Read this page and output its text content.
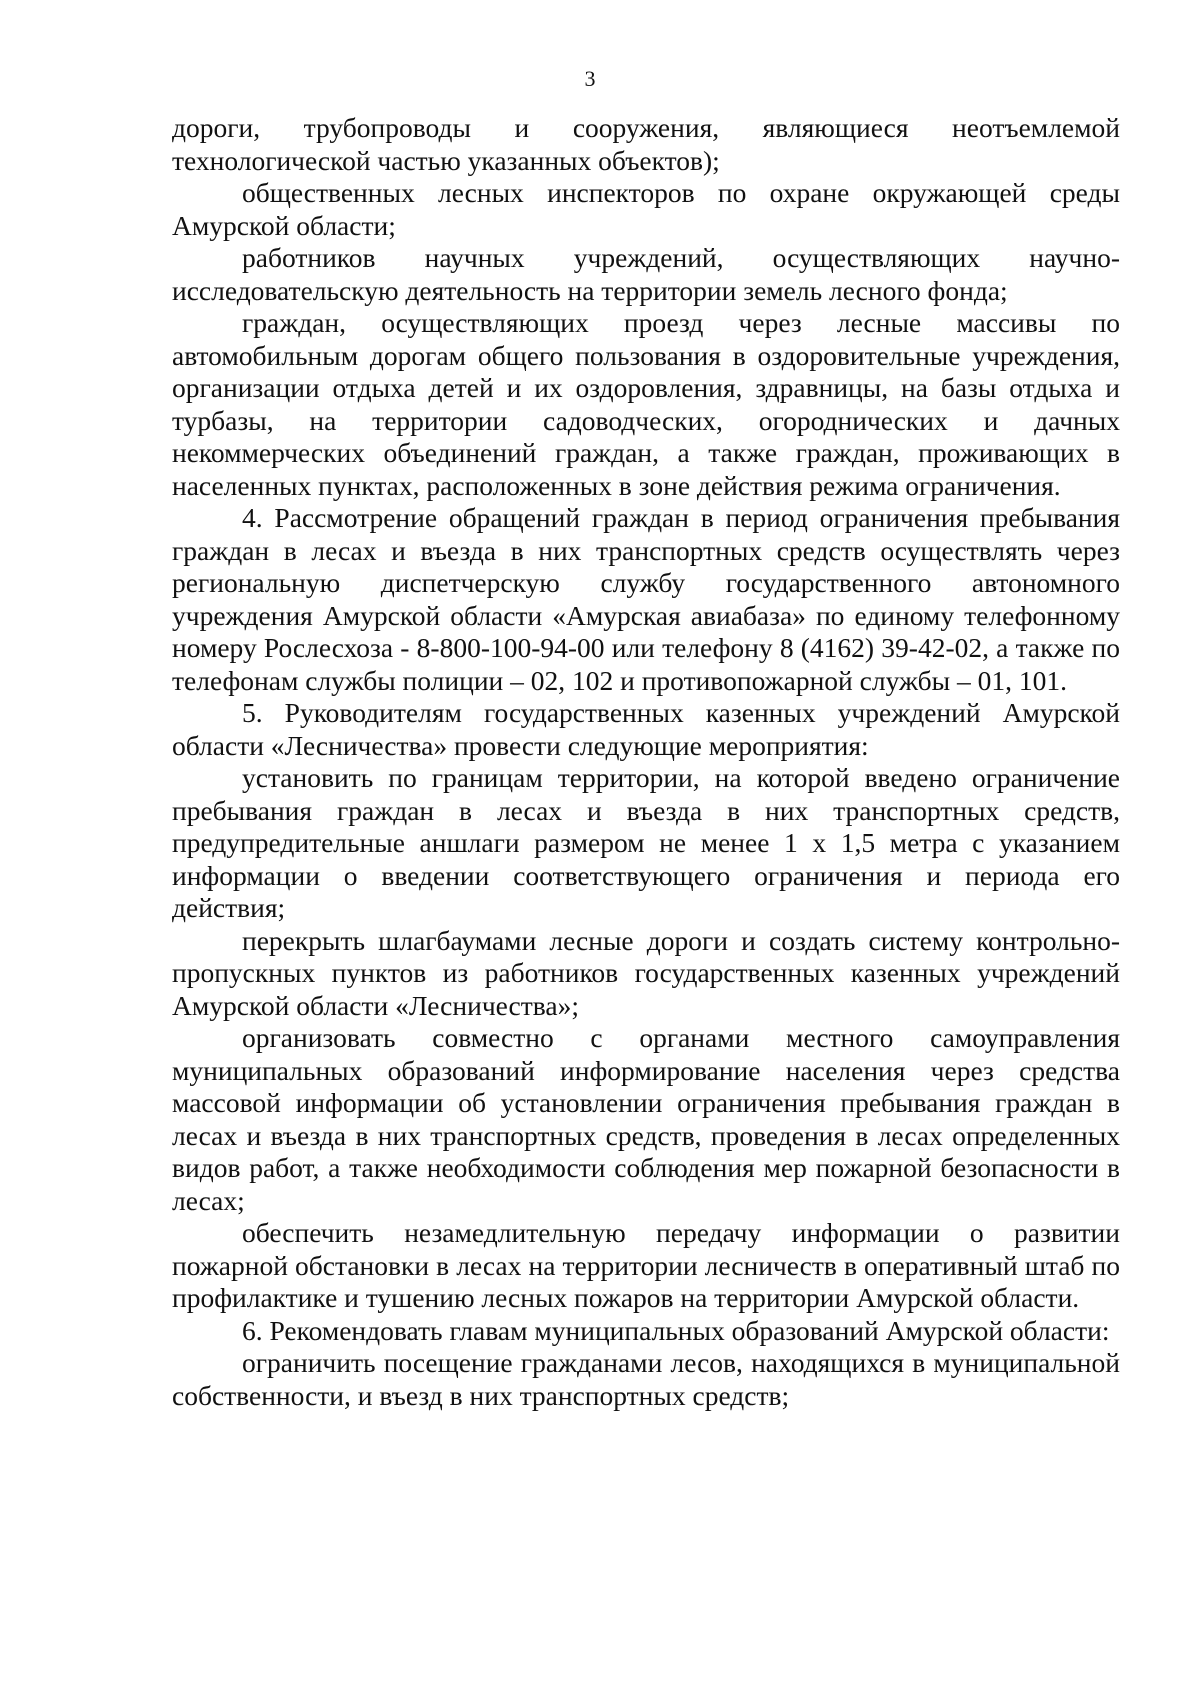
3

дороги, трубопроводы и сооружения, являющиеся неотъемлемой технологической частью указанных объектов);

общественных лесных инспекторов по охране окружающей среды Амурской области;

работников научных учреждений, осуществляющих научно-исследовательскую деятельность на территории земель лесного фонда;

граждан, осуществляющих проезд через лесные массивы по автомобильным дорогам общего пользования в оздоровительные учреждения, организации отдыха детей и их оздоровления, здравницы, на базы отдыха и турбазы, на территории садоводческих, огороднических и дачных некоммерческих объединений граждан, а также граждан, проживающих в населенных пунктах, расположенных в зоне действия режима ограничения.

4. Рассмотрение обращений граждан в период ограничения пребывания граждан в лесах и въезда в них транспортных средств осуществлять через региональную диспетчерскую службу государственного автономного учреждения Амурской области «Амурская авиабаза» по единому телефонному номеру Рослесхоза - 8-800-100-94-00 или телефону 8 (4162) 39-42-02, а также по телефонам службы полиции – 02, 102 и противопожарной службы – 01, 101.

5. Руководителям государственных казенных учреждений Амурской области «Лесничества» провести следующие мероприятия:

установить по границам территории, на которой введено ограничение пребывания граждан в лесах и въезда в них транспортных средств, предупредительные аншлаги размером не менее 1 х 1,5 метра с указанием информации о введении соответствующего ограничения и периода его действия;

перекрыть шлагбаумами лесные дороги и создать систему контрольно-пропускных пунктов из работников государственных казенных учреждений Амурской области «Лесничества»;

организовать совместно с органами местного самоуправления муниципальных образований информирование населения через средства массовой информации об установлении ограничения пребывания граждан в лесах и въезда в них транспортных средств, проведения в лесах определенных видов работ, а также необходимости соблюдения мер пожарной безопасности в лесах;

обеспечить незамедлительную передачу информации о развитии пожарной обстановки в лесах на территории лесничеств в оперативный штаб по профилактике и тушению лесных пожаров на территории Амурской области.

6. Рекомендовать главам муниципальных образований Амурской области:

ограничить посещение гражданами лесов, находящихся в муниципальной собственности, и въезд в них транспортных средств;
